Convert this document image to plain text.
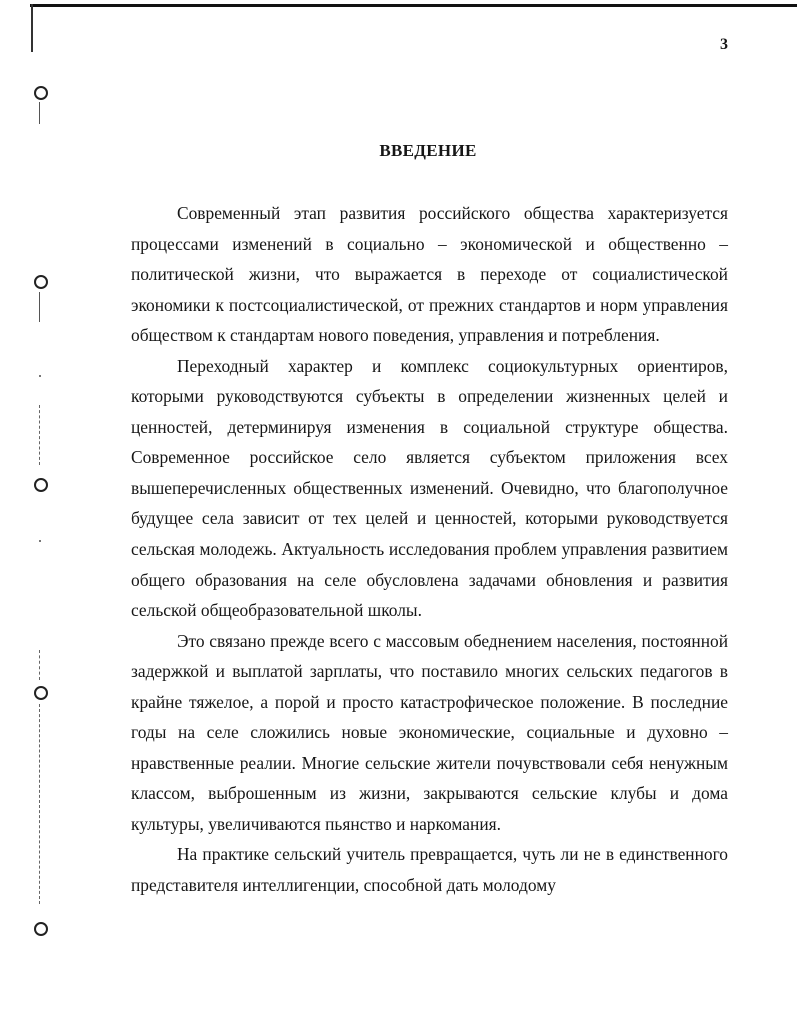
3
ВВЕДЕНИЕ

Современный этап развития российского общества характеризуется процессами изменений в социально – экономической и общественно – политической жизни, что выражается в переходе от социалистической экономики к постсоциалистической, от прежних стандартов и норм управления обществом к стандартам нового поведения, управления и потребления.

Переходный характер и комплекс социокультурных ориентиров, которыми руководствуются субъекты в определении жизненных целей и ценностей, детерминируя изменения в социальной структуре общества. Современное российское село является субъектом приложения всех вышеперечисленных общественных изменений. Очевидно, что благополучное будущее села зависит от тех целей и ценностей, которыми руководствуется сельская молодежь. Актуальность исследования проблем управления развитием общего образования на селе обусловлена задачами обновления и развития сельской общеобразовательной школы.

Это связано прежде всего с массовым обеднением населения, постоянной задержкой и выплатой зарплаты, что поставило многих сельских педагогов в крайне тяжелое, а порой и просто катастрофическое положение. В последние годы на селе сложились новые экономические, социальные и духовно – нравственные реалии. Многие сельские жители почувствовали себя ненужным классом, выброшенным из жизни, закрываются сельские клубы и дома культуры, увеличиваются пьянство и наркомания.

На практике сельский учитель превращается, чуть ли не в единственного представителя интеллигенции, способной дать молодому
